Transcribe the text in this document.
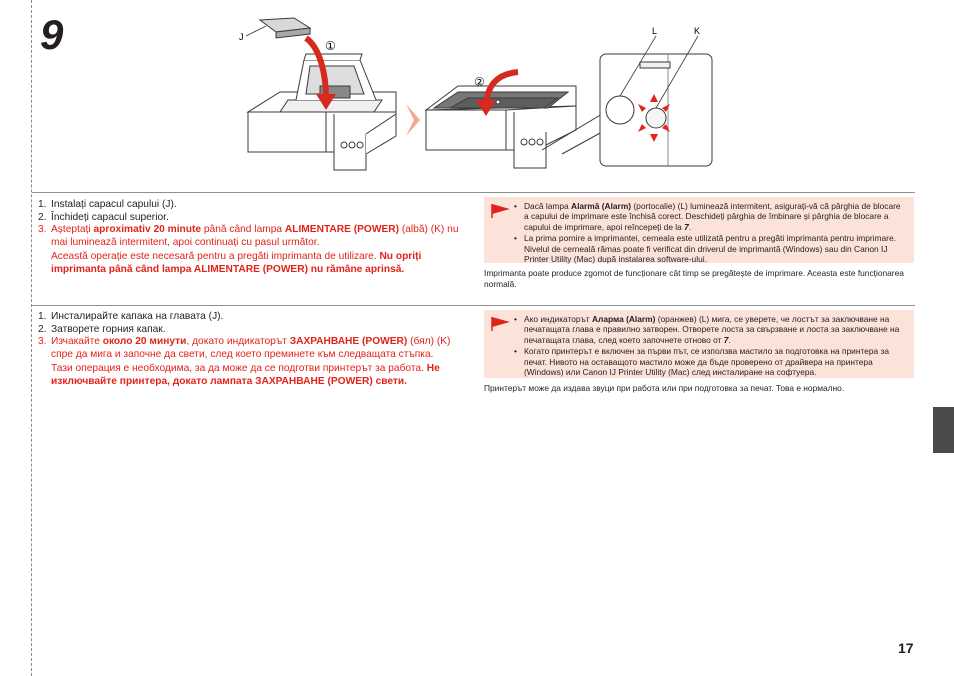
9	J
①
②
L	K
1. Instalați capacul capului (J).
2. Închideți capacul superior.
3. Așteptați aproximativ 20 minute până când lampa ALIMENTARE (POWER) (albă) (K) nu mai luminează intermitent, apoi continuați cu pasul următor.
Această operație este necesară pentru a pregăti imprimanta de utilizare. Nu opriți imprimanta până când lampa ALIMENTARE (POWER) nu rămâne aprinsă.
• Dacă lampa Alarmă (Alarm) (portocalie) (L) luminează intermitent, asigurați-vă că pârghia de blocare a capului de imprimare este închisă corect. Deschideți pârghia de îmbinare și pârghia de blocare a capului de imprimare, apoi reîncepeți de la 7.
• La prima pornire a imprimantei, cerneala este utilizată pentru a pregăti imprimanta pentru imprimare. Nivelul de cerneală rămas poate fi verificat din driverul de imprimantă (Windows) sau din Canon IJ Printer Utility (Mac) după instalarea software-ului.
Imprimanta poate produce zgomot de funcționare cât timp se pregătește de imprimare. Aceasta este funcționarea normală.
1. Инсталирайте капака на главата (J).
2. Затворете горния капак.
3. Изчакайте около 20 минути, докато индикаторът ЗАХРАНВАНЕ (POWER) (бял) (K) спре да мига и започне да свети, след което преминете към следващата стъпка.
Тази операция е необходима, за да може да се подготви принтерът за работа. Не изключвайте принтера, докато лампата ЗАХРАНВАНЕ (POWER) свети.
• Ако индикаторът Аларма (Alarm) (оранжев) (L) мига, се уверете, че лостът за заключване на печатащата глава е правилно затворен. Отворете лоста за свързване и лоста за заключване на печатащата глава, след което започнете отново от 7.
• Когато принтерът е включен за първи път, се използва мастило за подготовка на принтера за печат. Нивото на оставащото мастило може да бъде проверено от драйвера на принтера (Windows) или Canon IJ Printer Utility (Mac) след инсталиране на софтуера.
Принтерът може да издава звуци при работа или при подготовка за печат. Това е нормално.
17
